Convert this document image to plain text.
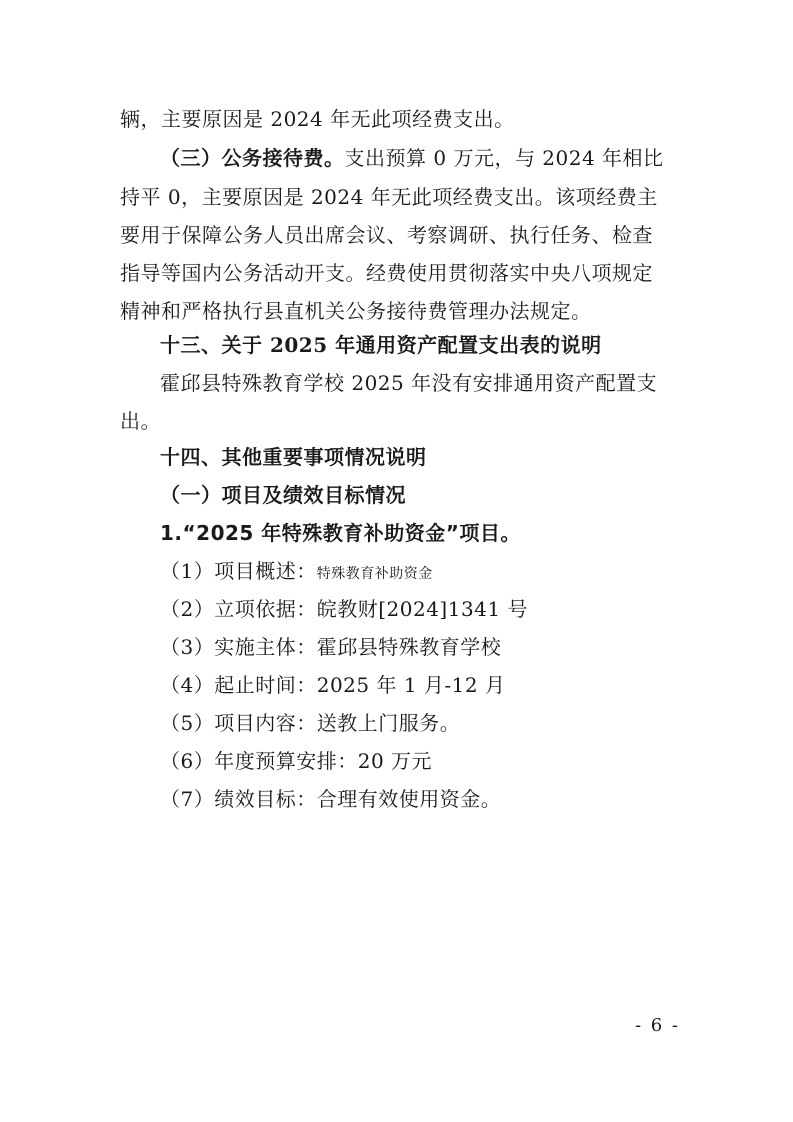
辆，主要原因是 2024 年无此项经费支出。
（三）公务接待费。支出预算 0 万元，与 2024 年相比
持平 0，主要原因是 2024 年无此项经费支出。该项经费主
要用于保障公务人员出席会议、考察调研、执行任务、检查
指导等国内公务活动开支。经费使用贯彻落实中央八项规定
精神和严格执行县直机关公务接待费管理办法规定。
十三、关于 2025 年通用资产配置支出表的说明
霍邱县特殊教育学校 2025 年没有安排通用资产配置支
出。
十四、其他重要事项情况说明
（一）项目及绩效目标情况
1.“2025 年特殊教育补助资金”项目。
（1）项目概述：特殊教育补助资金
（2）立项依据：皖教财[2024]1341 号
（3）实施主体：霍邱县特殊教育学校
（4）起止时间：2025 年 1 月-12 月
（5）项目内容：送教上门服务。
（6）年度预算安排：20 万元
（7）绩效目标：合理有效使用资金。
- 6 -
